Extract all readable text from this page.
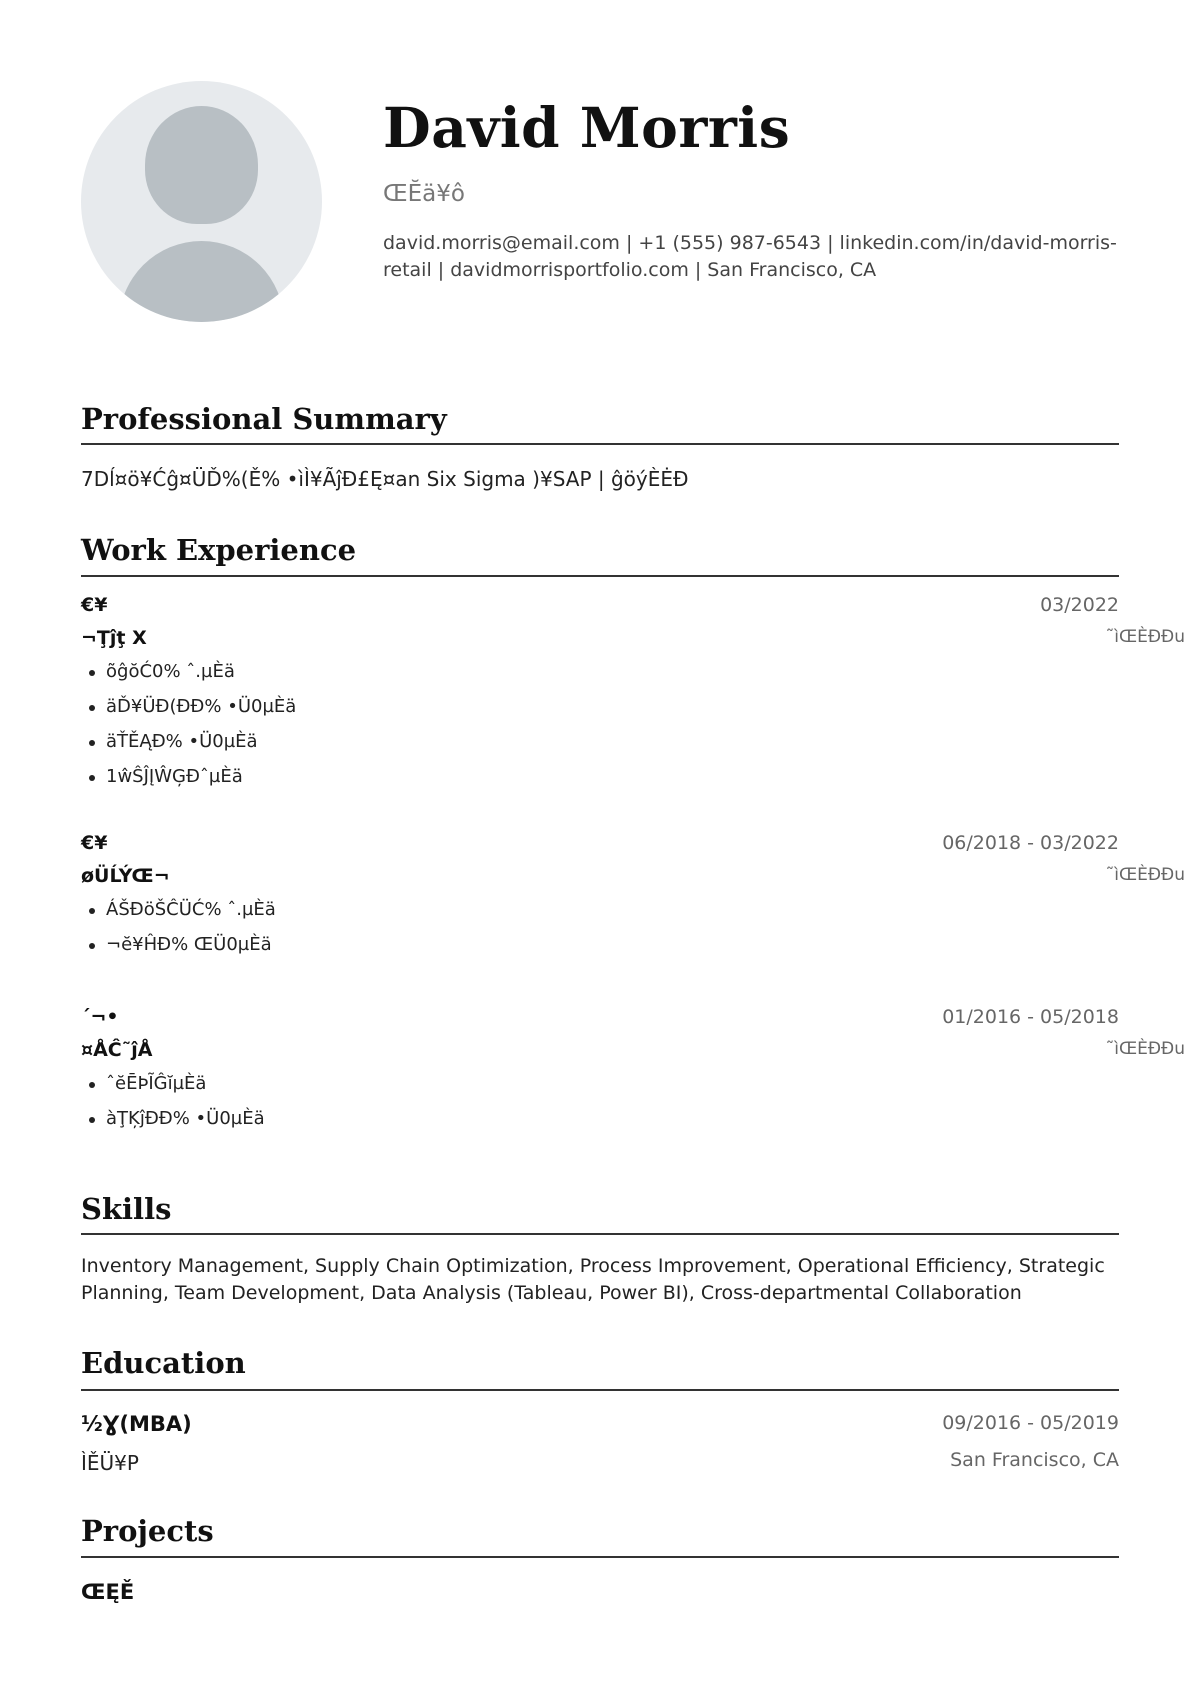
David Morris
ŒĔä¥ô
david.morris@email.com | +1 (555) 987-6543 | linkedin.com/in/david-morris-retail | davidmorrisportfolio.com | San Francisco, CA
Professional Summary
7Dĺ¤ö¥Ćĝ¤ÜĎ%(Ě% •ìÌ¥ÃĵÐ£Ę¤an Six Sigma )¥SAP | ĝöýÈĖÐ
Work Experience
€¥	03/2022
¬Ţĵţ X	˜ìŒÈÐĐu
õĝŏĆ0% ˆ.µÈä
äĎ¥ÜĐ(ĐĐ% •Ü0µÈä
äŤĚĄĐ% •Ü0µÈä
1ŵŜĴĮŴĢĐˆµÈä
€¥	06/2018 - 03/2022
øÜĹÝŒ¬	˜ìŒÈÐĐu
ÁŠĐöŠĈÜĆ% ˆ.µÈä
¬ĕ¥ĤĐ% ŒÜ0µÈä
´¬•	01/2016 - 05/2018
¤ÅĈ˜ĵÅ	˜ìŒÈÐĐu
ˆĕĒÞĨĜĭµÈä
àŢĶĵĐĐ% •Ü0µÈä
Skills
Inventory Management, Supply Chain Optimization, Process Improvement, Operational Efficiency, Strategic Planning, Team Development, Data Analysis (Tableau, Power BI), Cross-departmental Collaboration
Education
½Ɣ(MBA)	09/2016 - 05/2019
ÌĚÜ¥P	San Francisco, CA
Projects
ŒĘĚ
